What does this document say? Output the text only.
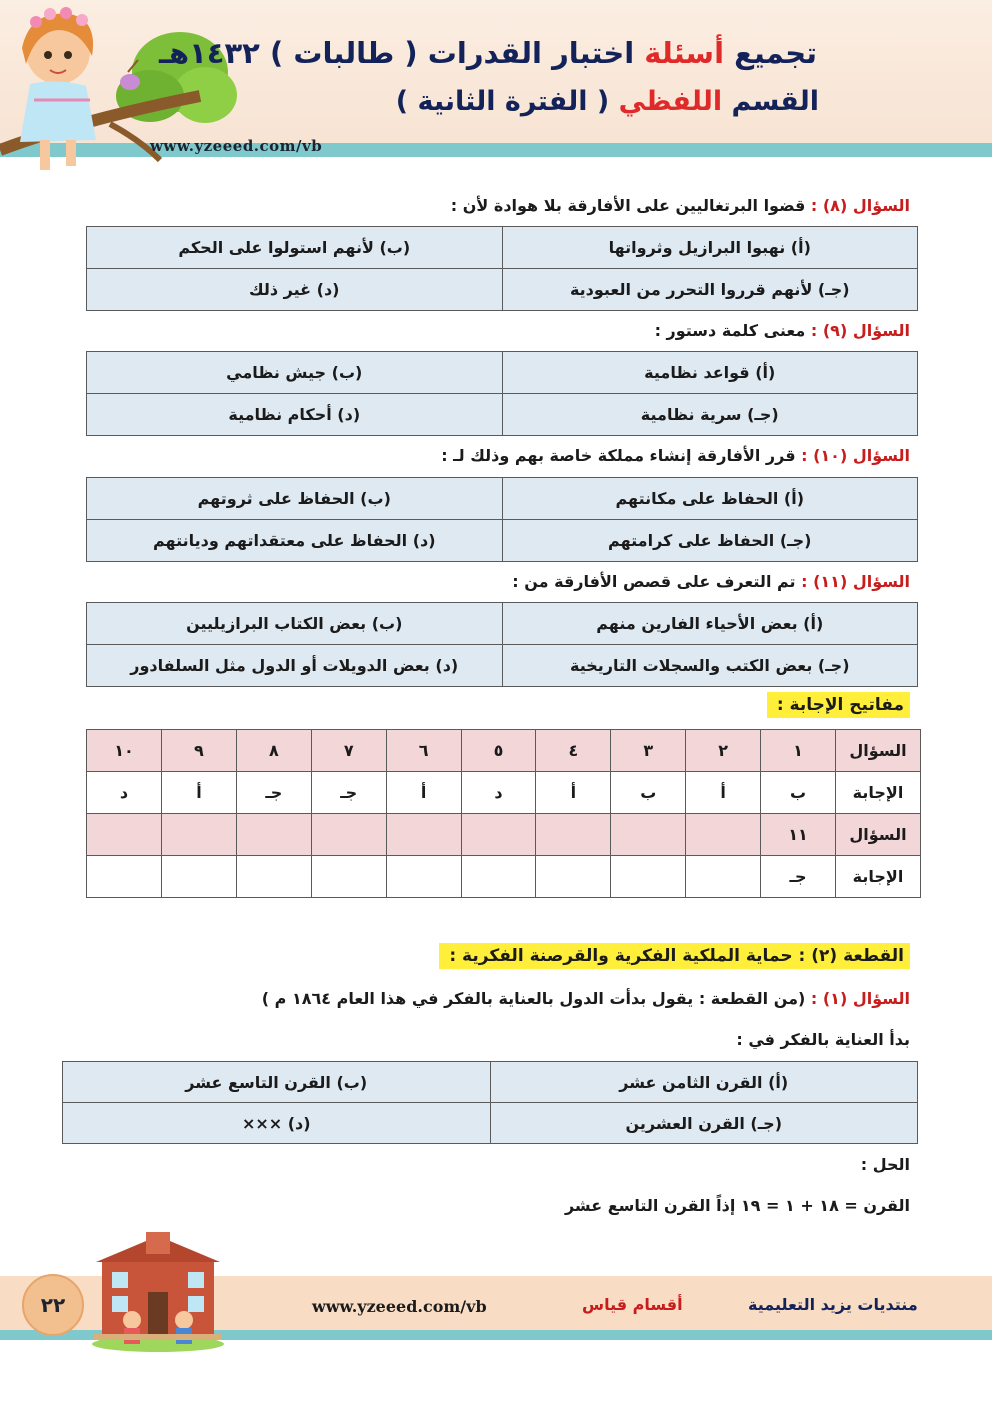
تجميع أسئلة اختبار القدرات ( طالبات ) ١٤٣٢هـ
القسم اللفظي ( الفترة الثانية )
www.yzeeed.com/vb
السؤال (٨) : قضوا البرتغاليين على الأفارقة بلا هوادة لأن :
(أ) نهبوا البرازيل وثرواتها	(ب) لأنهم استولوا على الحكم
(جـ) لأنهم قرروا التحرر من العبودية	(د) غير ذلك
السؤال (٩) : معنى كلمة دستور :
(أ) قواعد نظامية	(ب) جيش نظامي
(جـ) سرية نظامية	(د) أحكام نظامية
السؤال (١٠) : قرر الأفارقة إنشاء مملكة خاصة بهم وذلك لـ :
(أ) الحفاظ على مكانتهم	(ب) الحفاظ على ثروتهم
(جـ) الحفاظ على كرامتهم	(د) الحفاظ على معتقداتهم وديانتهم
السؤال (١١) : تم التعرف على قصص الأفارقة من :
(أ) بعض الأحياء الفارين منهم	(ب) بعض الكتاب البرازيليين
(جـ) بعض الكتب والسجلات التاريخية	(د) بعض الدويلات أو الدول مثل السلفادور
مفاتيح الإجابة :
السؤال	١	٢	٣	٤	٥	٦	٧	٨	٩	١٠
الإجابة	ب	أ	ب	أ	د	أ	جـ	جـ	أ	د
السؤال	١١									
الإجابة	جـ									
القطعة (٢) : حماية الملكية الفكرية والقرصنة الفكرية :
السؤال (١) : (من القطعة : يقول بدأت الدول بالعناية بالفكر في هذا العام ١٨٦٤ م )
بدأ العناية بالفكر في :
(أ) القرن الثامن عشر	(ب) القرن التاسع عشر
(جـ) القرن العشرين	(د) ×××
الحل :
القرن = ١٨ + ١ = ١٩ إذاً القرن التاسع عشر
٢٢	www.yzeeed.com/vb	أقسام قياس	منتديات يزيد التعليمية
